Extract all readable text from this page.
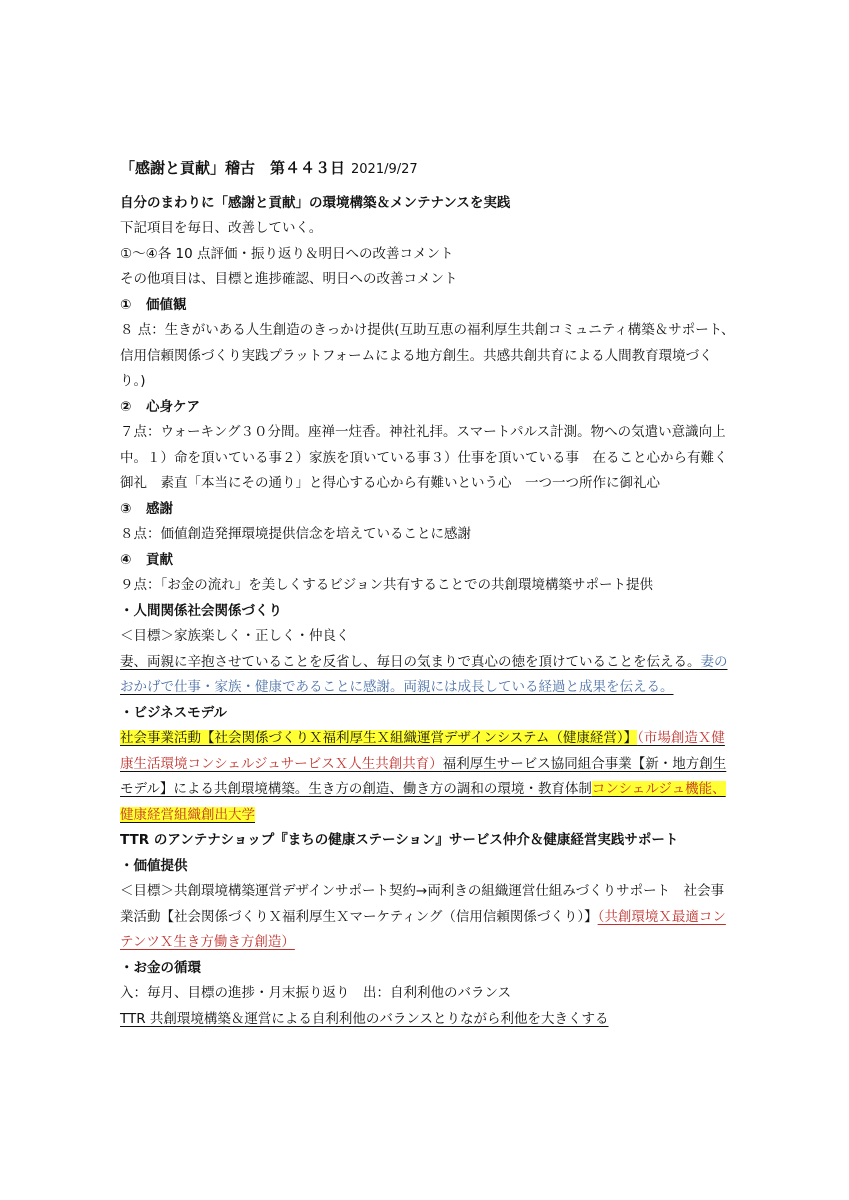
「感謝と貢献」稽古　第４４３日 2021/9/27
自分のまわりに「感謝と貢献」の環境構築＆メンテナンスを実践
下記項目を毎日、改善していく。
①～④各 10 点評価・振り返り＆明日への改善コメント
その他項目は、目標と進捗確認、明日への改善コメント
① 価値観
８ 点：生きがいある人生創造のきっかけ提供(互助互恵の福利厚生共創コミュニティ構築＆サポート、信用信頼関係づくり実践プラットフォームによる地方創生。共感共創共育による人間教育環境づくり。)
② 心身ケア
７点：ウォーキング３０分間。座禅一炷香。神社礼拝。スマートパルス計測。物への気遣い意識向上中。１）命を頂いている事２）家族を頂いている事３）仕事を頂いている事　在ること心から有難く御礼　素直「本当にその通り」と得心する心から有難いという心　一つ一つ所作に御礼心
③ 感謝
８点：価値創造発揮環境提供信念を培えていることに感謝
④ 貢献
９点：「お金の流れ」を美しくするビジョン共有することでの共創環境構築サポート提供
・人間関係社会関係づくり
＜目標＞家族楽しく・正しく・仲良く
妻、両親に辛抱させていることを反省し、毎日の気まりで真心の徳を頂けていることを伝える。妻のおかげで仕事・家族・健康であることに感謝。両親には成長している経過と成果を伝える。
・ビジネスモデル
社会事業活動【社会関係づくりＸ福利厚生Ｘ組織運営デザインシステム（健康経営）】（市場創造Ｘ健康生活環境コンシェルジュサービスＸ人生共創共育）福利厚生サービス協同組合事業【新・地方創生モデル】による共創環境構築。生き方の創造、働き方の調和の環境・教育体制コンシェルジュ機能、健康経営組織創出大学
TTR のアンテナショップ『まちの健康ステーション』サービス仲介＆健康経営実践サポート
・価値提供
＜目標＞共創環境構築運営デザインサポート契約→両利きの組織運営仕組みづくりサポート　社会事業活動【社会関係づくりＸ福利厚生Ｘマーケティング（信用信頼関係づくり）】（共創環境Ｘ最適コンテンツＸ生き方働き方創造）
・お金の循環
入：毎月、目標の進捗・月末振り返り　出：自利利他のバランス
TTR 共創環境構築＆運営による自利利他のバランスとりながら利他を大きくする
